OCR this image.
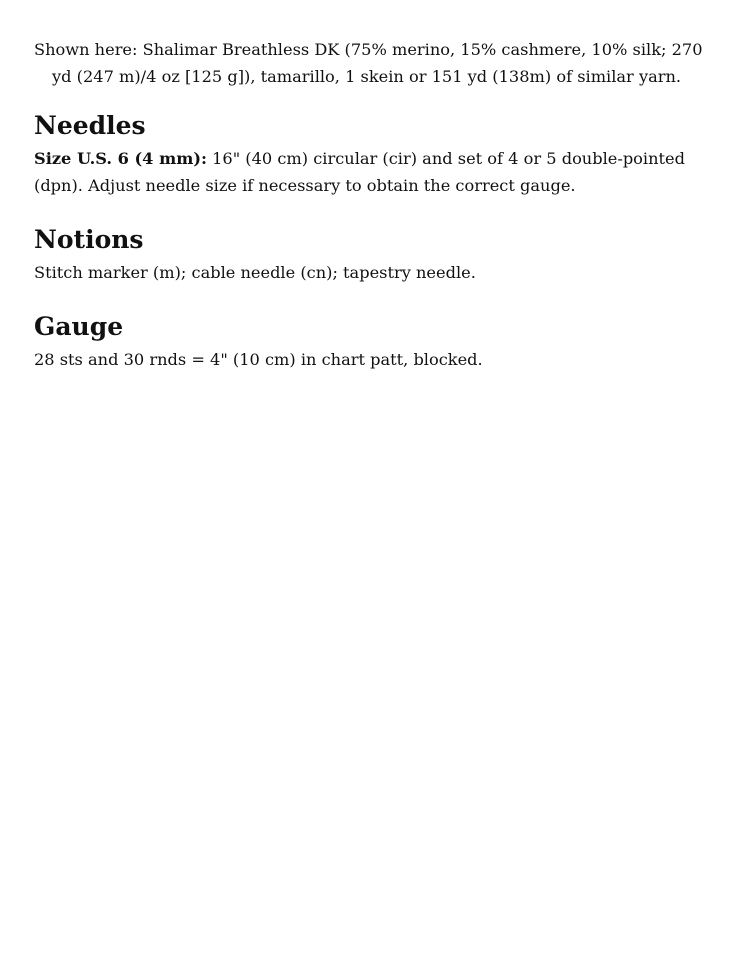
Shown here: Shalimar Breathless DK (75% merino, 15% cashmere, 10% silk; 270 yd (247 m)/4 oz [125 g]), tamarillo, 1 skein or 151 yd (138m) of similar yarn.

Needles

Size U.S. 6 (4 mm): 16" (40 cm) circular (cir) and set of 4 or 5 double-pointed (dpn). Adjust needle size if necessary to obtain the correct gauge.

Notions

Stitch marker (m); cable needle (cn); tapestry needle.

Gauge

28 sts and 30 rnds = 4" (10 cm) in chart patt, blocked.
